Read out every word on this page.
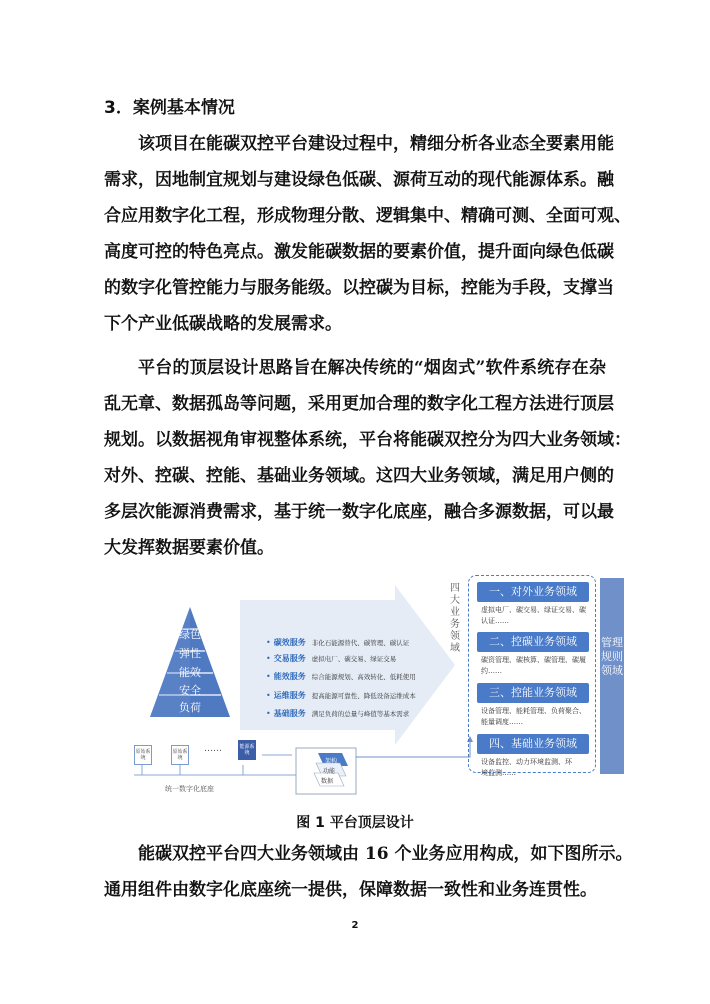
3．案例基本情况
该项目在能碳双控平台建设过程中，精细分析各业态全要素用能
需求，因地制宜规划与建设绿色低碳、源荷互动的现代能源体系。融
合应用数字化工程，形成物理分散、逻辑集中、精确可测、全面可观、
高度可控的特色亮点。激发能碳数据的要素价值，提升面向绿色低碳
的数字化管控能力与服务能级。以控碳为目标，控能为手段，支撑当
下个产业低碳战略的发展需求。
平台的顶层设计思路旨在解决传统的“烟囱式”软件系统存在杂
乱无章、数据孤岛等问题，采用更加合理的数字化工程方法进行顶层
规划。以数据视角审视整体系统，平台将能碳双控分为四大业务领域：
对外、控碳、控能、基础业务领域。这四大业务领域，满足用户侧的
多层次能源消费需求，基于统一数字化底座，融合多源数据，可以最
大发挥数据要素价值。
绿色
弹性
能效
安全
负荷
• 碳效服务 非化石能源替代、碳管理、碳认证
• 交易服务 虚拟电厂、碳交易、绿证交易
• 能效服务 综合能源规划、高效转化、低耗使用
• 运维服务 提高能源可靠性、降低设备运维成本
• 基础服务 满足负荷的总量与峰值等基本需求
四大业务领域
一、对外业务领域
虚拟电厂、碳交易、绿证交易、碳认证……
二、控碳业务领域
碳资管理、碳核算、碳管理、碳履约……
三、控能业务领域
设备管理、能耗管理、负荷聚合、能量调度……
四、基础业务领域
设备监控、动力环境监测、环境监测……
管理规则领域
原始系统
原始系统
……	能源系统
架构
功能
数据
统一数字化底座
图 1 平台顶层设计
能碳双控平台四大业务领域由 16 个业务应用构成，如下图所示。
通用组件由数字化底座统一提供，保障数据一致性和业务连贯性。
2
